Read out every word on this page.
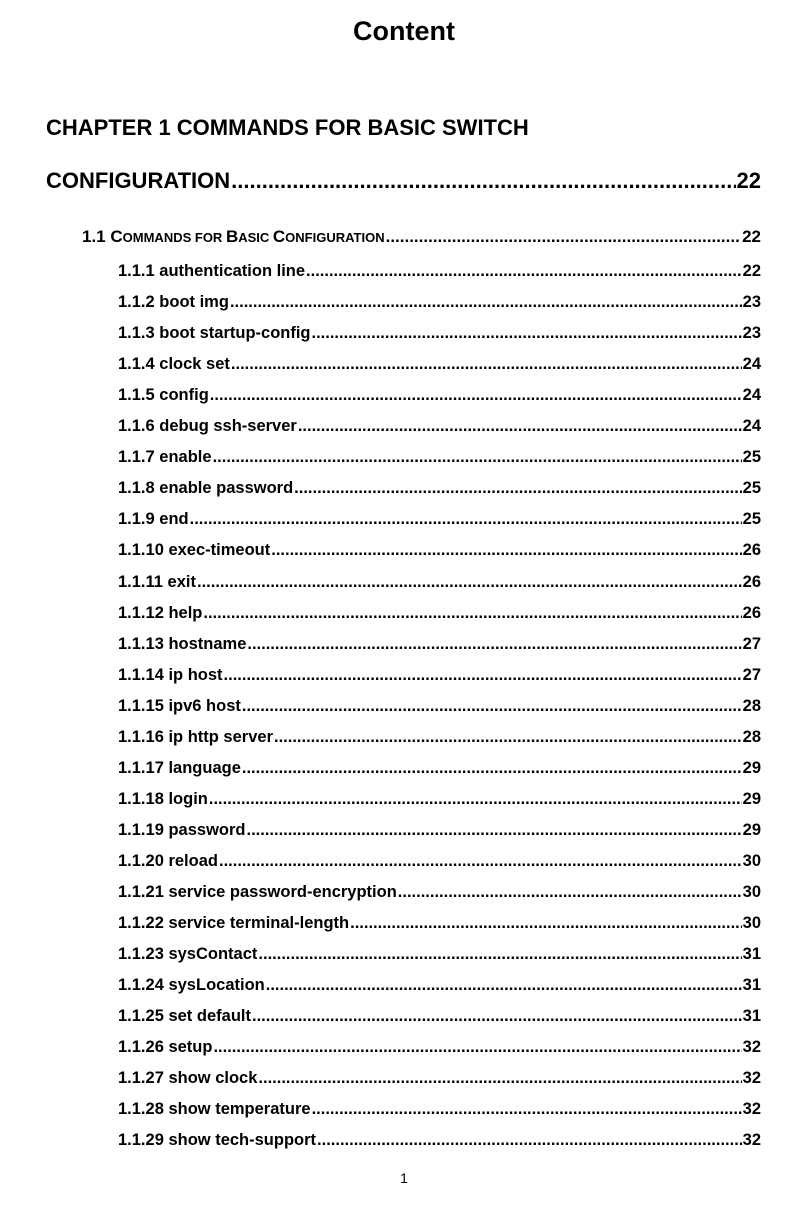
Content
CHAPTER 1 COMMANDS FOR BASIC SWITCH
CONFIGURATION .....	22
1.1 COMMANDS FOR BASIC CONFIGURATION .....	22
1.1.1 authentication line .....	22
1.1.2 boot img .....	23
1.1.3 boot startup-config .....	23
1.1.4 clock set .....	24
1.1.5 config .....	24
1.1.6 debug ssh-server .....	24
1.1.7 enable .....	25
1.1.8 enable password .....	25
1.1.9 end .....	25
1.1.10 exec-timeout .....	26
1.1.11 exit .....	26
1.1.12 help .....	26
1.1.13 hostname .....	27
1.1.14 ip host .....	27
1.1.15 ipv6 host .....	28
1.1.16 ip http server .....	28
1.1.17 language .....	29
1.1.18 login .....	29
1.1.19 password .....	29
1.1.20 reload .....	30
1.1.21 service password-encryption .....	30
1.1.22 service terminal-length .....	30
1.1.23 sysContact .....	31
1.1.24 sysLocation .....	31
1.1.25 set default .....	31
1.1.26 setup .....	32
1.1.27 show clock .....	32
1.1.28 show temperature .....	32
1.1.29 show tech-support .....	32
1
